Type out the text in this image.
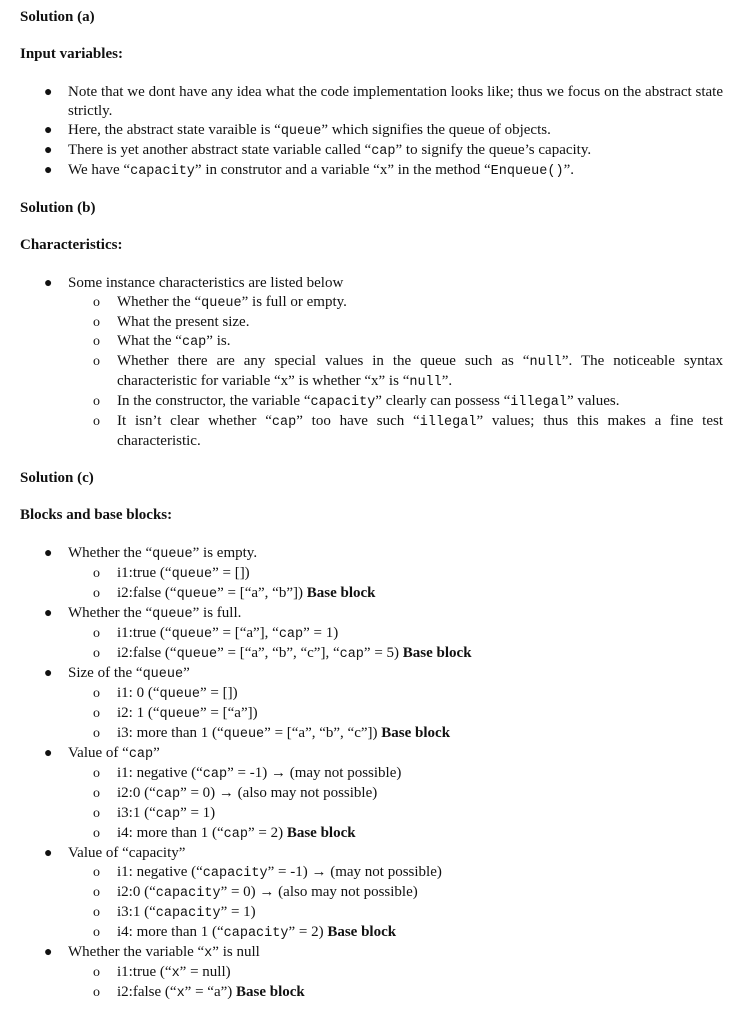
Solution (a)

Input variables:

● Note that we dont have any idea what the code implementation looks like; thus we focus on the abstract state strictly.
● Here, the abstract state varaible is “queue” which signifies the queue of objects.
● There is yet another abstract state variable called “cap” to signify the queue’s capacity.
● We have “capacity” in construtor and a variable “x” in the method “Enqueue()”.

Solution (b)

Characteristics:

● Some instance characteristics are listed below
o Whether the “queue” is full or empty.
o What the present size.
o What the “cap” is.
o Whether there are any special values in the queue such as “null”. The noticeable syntax characteristic for variable “x” is whether “x” is “null”.
o In the constructor, the variable “capacity” clearly can possess “illegal” values.
o It isn’t clear whether “cap” too have such “illegal” values; thus this makes a fine test characteristic.

Solution (c)

Blocks and base blocks:

● Whether the “queue” is empty.
o i1:true (“queue” = [])
o i2:false (“queue” = [“a”, “b”]) Base block
● Whether the “queue” is full.
o i1:true (“queue” = [“a”], “cap” = 1)
o i2:false (“queue” = [“a”, “b”, “c”], “cap” = 5) Base block
● Size of the “queue”
o i1: 0 (“queue” = [])
o i2: 1 (“queue” = [“a”])
o i3: more than 1 (“queue” = [“a”, “b”, “c”]) Base block
● Value of “cap”
o i1: negative (“cap” = -1) → (may not possible)
o i2:0 (“cap” = 0) → (also may not possible)
o i3:1 (“cap” = 1)
o i4: more than 1 (“cap” = 2) Base block
● Value of “capacity”
o i1: negative (“capacity” = -1) → (may not possible)
o i2:0 (“capacity” = 0) → (also may not possible)
o i3:1 (“capacity” = 1)
o i4: more than 1 (“capacity” = 2) Base block
● Whether the variable “x” is null
o i1:true (“x” = null)
o i2:false (“x” = “a”) Base block
